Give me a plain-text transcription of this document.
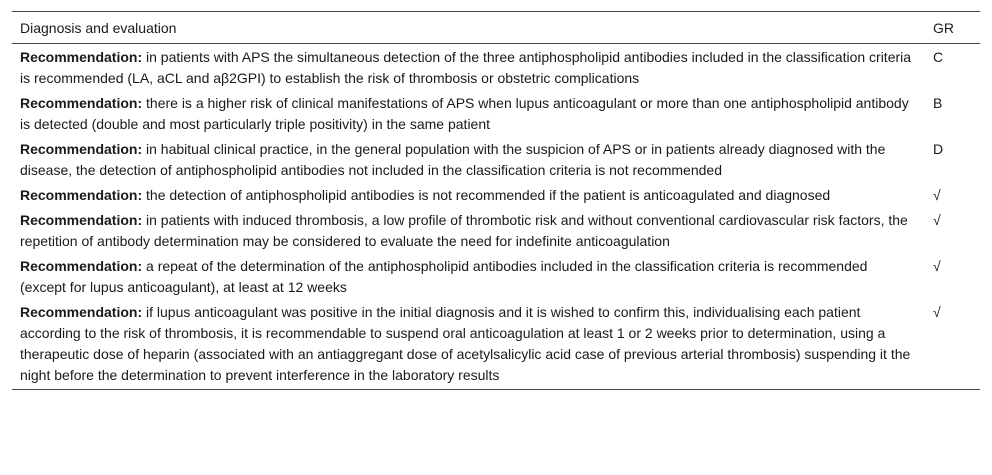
Diagnosis and evaluation	GR
Recommendation: in patients with APS the simultaneous detection of the three antiphospholipid antibodies included in the classification criteria is recommended (LA, aCL and aβ2GPI) to establish the risk of thrombosis or obstetric complications	C
Recommendation: there is a higher risk of clinical manifestations of APS when lupus anticoagulant or more than one antiphospholipid antibody is detected (double and most particularly triple positivity) in the same patient	B
Recommendation: in habitual clinical practice, in the general population with the suspicion of APS or in patients already diagnosed with the disease, the detection of antiphospholipid antibodies not included in the classification criteria is not recommended	D
Recommendation: the detection of antiphospholipid antibodies is not recommended if the patient is anticoagulated and diagnosed	√
Recommendation: in patients with induced thrombosis, a low profile of thrombotic risk and without conventional cardiovascular risk factors, the repetition of antibody determination may be considered to evaluate the need for indefinite anticoagulation	√
Recommendation: a repeat of the determination of the antiphospholipid antibodies included in the classification criteria is recommended (except for lupus anticoagulant), at least at 12 weeks	√
Recommendation: if lupus anticoagulant was positive in the initial diagnosis and it is wished to confirm this, individualising each patient according to the risk of thrombosis, it is recommendable to suspend oral anticoagulation at least 1 or 2 weeks prior to determination, using a therapeutic dose of heparin (associated with an antiaggregant dose of acetylsalicylic acid case of previous arterial thrombosis) suspending it the night before the determination to prevent interference in the laboratory results	√
